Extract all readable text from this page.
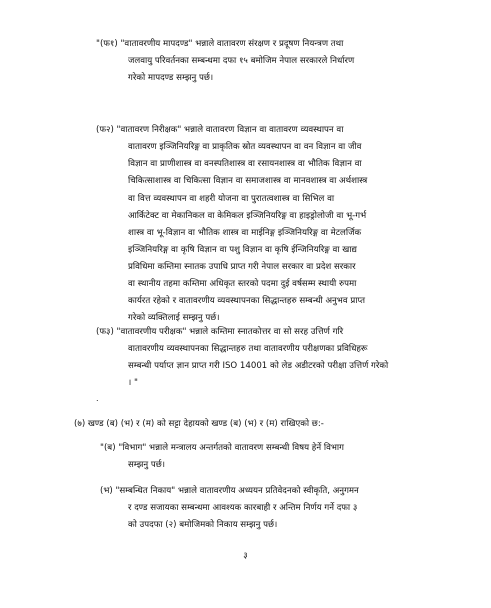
"(फ१) "वातावरणीय मापदण्ड" भन्नाले वातावरण संरक्षण र प्रदूषण नियन्त्रण तथा
जलवायु परिवर्तनका सम्बन्धमा दफा १५ बमोजिम नेपाल सरकारले निर्धारण
गरेको मापदण्ड सम्झनु पर्छ।
(फ२) "वातावरण निरीक्षक" भन्नाले वातावरण विज्ञान वा वातावरण व्यवस्थापन वा
वातावरण इञ्जिनियरिङ्ग वा प्राकृतिक स्रोत व्यवस्थापन वा वन विज्ञान वा जीव
विज्ञान वा प्राणीशास्त्र वा वनस्पतिशास्त्र वा रसायनशास्त्र वा भौतिक विज्ञान वा
चिकित्साशास्त्र वा चिकित्सा विज्ञान वा समाजशास्त्र वा मानवशास्त्र वा अर्थशास्त्र
वा वित्त व्यवस्थापन वा शहरी योजना वा पुरातत्वशास्त्र वा सिभिल वा
आर्किटेक्ट वा मेकानिकल वा केमिकल इञ्जिनियरिङ्ग वा हाइड्रोलोजी वा भू-गर्भ
शास्त्र वा भू-विज्ञान वा भौतिक शास्त्र वा माईनिङ्ग इञ्जिनियरिङ्ग वा मेटलर्जिक
इञ्जिनियरिङ्ग वा कृषि विज्ञान वा पशु विज्ञान वा कृषि ईन्जिनियरिङ्ग वा खाद्य
प्रविधिमा कम्तिमा स्नातक उपाधि प्राप्त गरी नेपाल सरकार वा प्रदेश सरकार
वा स्थानीय तहमा कम्तिमा अधिकृत स्तरको पदमा दुई वर्षसम्म स्थायी रुपमा
कार्यरत रहेको र वातावरणीय व्यवस्थापनका सिद्धान्तहरु सम्बन्धी अनुभव प्राप्त
गरेको व्यक्तिलाई सम्झनु पर्छ।
(फ३) "वातावरणीय परीक्षक" भन्नाले कम्तिमा स्नातकोत्तर वा सो सरह उत्तिर्ण गरि
वातावरणीय व्यवस्थापनका सिद्धान्तहरु तथा वातावरणीय परीक्षणका प्रविधिहरू
सम्बन्धी पर्याप्त ज्ञान प्राप्त गरी ISO 14001 को लेड अडीटरको परीक्षा उत्तिर्ण गरेको
। "
.
(७) खण्ड (ब) (भ) र (म) को सट्टा देहायको खण्ड (ब) (भ) र (म) राखिएको छ:-
"(ब) "विभाग" भन्नाले मन्त्रालय अन्तर्गतको वातावरण सम्बन्धी विषय हेर्ने विभाग
सम्झनु पर्छ।
(भ) "सम्बन्धित निकाय" भन्नाले वातावरणीय अध्ययन प्रतिवेदनको स्वीकृति, अनुगमन
र दण्ड सजायका सम्बन्धमा आवश्यक कारबाही र अन्तिम निर्णय गर्ने दफा ३
को उपदफा (२) बमोजिमको निकाय सम्झनु पर्छ।
३
